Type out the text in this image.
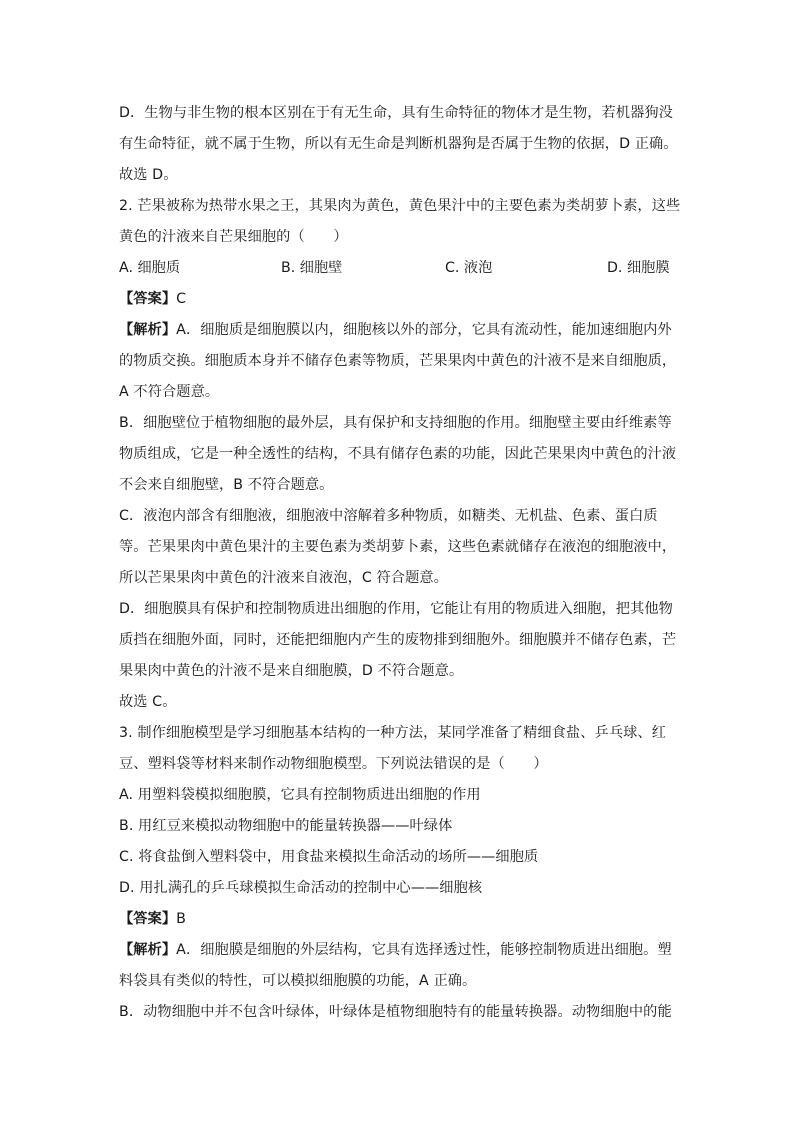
D．生物与非生物的根本区别在于有无生命，具有生命特征的物体才是生物，若机器狗没
有生命特征，就不属于生物，所以有无生命是判断机器狗是否属于生物的依据，D 正确。
故选 D。
2. 芒果被称为热带水果之王，其果肉为黄色，黄色果汁中的主要色素为类胡萝卜素，这些
黄色的汁液来自芒果细胞的（　　）
A. 细胞质	B. 细胞壁	C. 液泡	D. 细胞膜
【答案】C
【解析】A．细胞质是细胞膜以内，细胞核以外的部分，它具有流动性，能加速细胞内外
的物质交换。细胞质本身并不储存色素等物质，芒果果肉中黄色的汁液不是来自细胞质，
A 不符合题意。
B．细胞壁位于植物细胞的最外层，具有保护和支持细胞的作用。细胞壁主要由纤维素等
物质组成，它是一种全透性的结构，不具有储存色素的功能，因此芒果果肉中黄色的汁液
不会来自细胞壁，B 不符合题意。
C．液泡内部含有细胞液，细胞液中溶解着多种物质，如糖类、无机盐、色素、蛋白质
等。芒果果肉中黄色果汁的主要色素为类胡萝卜素，这些色素就储存在液泡的细胞液中，
所以芒果果肉中黄色的汁液来自液泡，C 符合题意。
D．细胞膜具有保护和控制物质进出细胞的作用，它能让有用的物质进入细胞，把其他物
质挡在细胞外面，同时，还能把细胞内产生的废物排到细胞外。细胞膜并不储存色素，芒
果果肉中黄色的汁液不是来自细胞膜，D 不符合题意。
故选 C。
3. 制作细胞模型是学习细胞基本结构的一种方法，某同学准备了精细食盐、乒乓球、红
豆、塑料袋等材料来制作动物细胞模型。下列说法错误的是（　　）
A. 用塑料袋模拟细胞膜，它具有控制物质进出细胞的作用
B. 用红豆来模拟动物细胞中的能量转换器——叶绿体
C. 将食盐倒入塑料袋中，用食盐来模拟生命活动的场所——细胞质
D. 用扎满孔的乒乓球模拟生命活动的控制中心——细胞核
【答案】B
【解析】A．细胞膜是细胞的外层结构，它具有选择透过性，能够控制物质进出细胞。塑
料袋具有类似的特性，可以模拟细胞膜的功能，A 正确。
B．动物细胞中并不包含叶绿体，叶绿体是植物细胞特有的能量转换器。动物细胞中的能
